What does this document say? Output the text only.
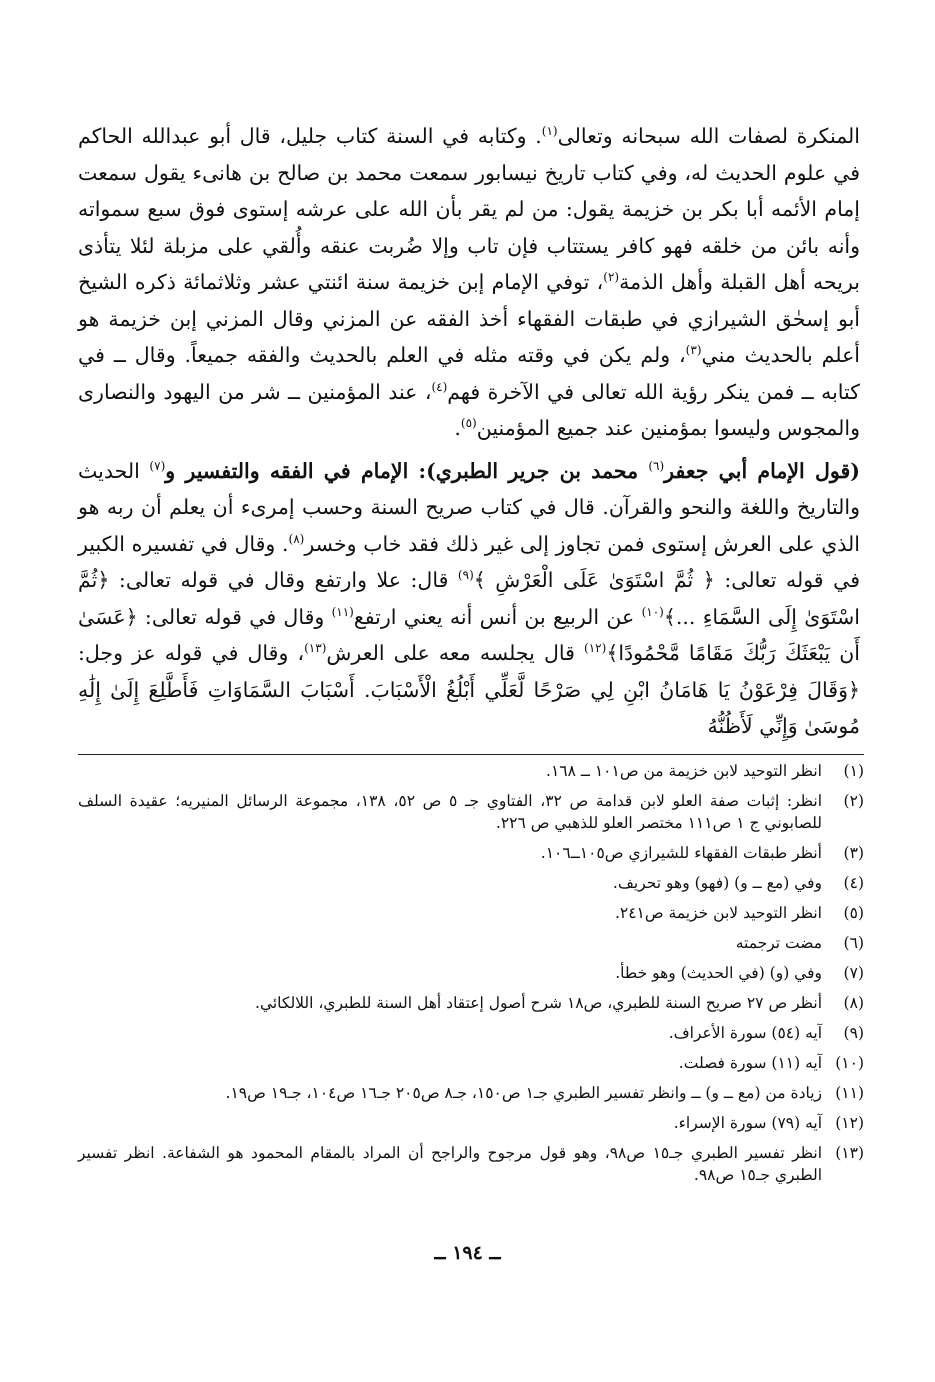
المنكرة لصفات الله سبحانه وتعالى$^{(١)}$. وكتابه في السنة كتاب جليل، قال أبو عبدالله الحاكم في علوم الحديث له، وفي كتاب تاريخ نيسابور سمعت محمد بن صالح بن هانىء يقول سمعت إمام الأئمه أبا بكر بن خزيمة يقول: من لم يقر بأن الله على عرشه إستوى فوق سبع سمواته وأنه بائن من خلقه فهو كافر يستتاب فإن تاب وإلا ضُربت عنقه وأُلقي على مزبلة لئلا يتأذى بريحه أهل القبلة وأهل الذمة$^{(٢)}$، توفي الإمام إبن خزيمة سنة ائنتي عشر وثلاثمائة ذكره الشيخ أبو إسحٰق الشيرازي في طبقات الفقهاء أخذ الفقه عن المزني وقال المزني إبن خزيمة هو أعلم بالحديث مني$^{(٣)}$، ولم يكن في وقته مثله في العلم بالحديث والفقه جميعاً. وقال ــ في كتابه ــ فمن ينكر رؤية الله تعالى في الآخرة فهم$^{(٤)}$، عند المؤمنين ــ شر من اليهود والنصارى والمجوس وليسوا بمؤمنين عند جميع المؤمنين$^{(٥)}$.

(قول الإمام أبي جعفر$^{(٦)}$ محمد بن جرير الطبري): الإمام في الفقه والتفسير و$^{(٧)}$ الحديث والتاريخ واللغة والنحو والقرآن. قال في كتاب صريح السنة وحسب إمرىء أن يعلم أن ربه هو الذي على العرش إستوى فمن تجاوز إلى غير ذلك فقد خاب وخسر$^{(٨)}$. وقال في تفسيره الكبير في قوله تعالى: ﴿ ثُمَّ اسْتَوَىٰ عَلَى الْعَرْشِ ﴾$^{(٩)}$ قال: علا وارتفع وقال في قوله تعالى: ﴿ثُمَّ اسْتَوَىٰ إِلَى السَّمَاءِ ...﴾$^{(١٠)}$ عن الربيع بن أنس أنه يعني ارتفع$^{(١١)}$ وقال في قوله تعالى: ﴿عَسَىٰ أَن يَبْعَثَكَ رَبُّكَ مَقَامًا مَّحْمُودًا﴾$^{(١٢)}$ قال يجلسه معه على العرش$^{(١٣)}$، وقال في قوله عز وجل: ﴿وَقَالَ فِرْعَوْنُ يَا هَامَانُ ابْنِ لِي صَرْحًا لَّعَلِّي أَبْلُغُ الْأَسْبَابَ. أَسْبَابَ السَّمَاوَاتِ فَأَطَّلِعَ إِلَىٰ إِلَٰهِ مُوسَىٰ وَإِنِّي لَأَظُنُّهُ

(١)
انظر التوحيد لابن خزيمة من ص١٠١ ــ ١٦٨.
(٢)
انظر: إثبات صفة العلو لابن قدامة ص ٣٢، الفتاوي جـ ٥ ص ٥٢، ١٣٨، مجموعة الرسائل المنيريه؛ عقيدة السلف للصابوني ج ١ ص١١١ مختصر العلو للذهبي ص ٢٢٦.
(٣)
أنظر طبقات الفقهاء للشيرازي ص١٠٥ــ١٠٦.
(٤)
وفي (مع ــ و) (فهو) وهو تحريف.
(٥)
انظر التوحيد لابن خزيمة ص٢٤١.
(٦)
مضت ترجمته
(٧)
وفي (و) (في الحديث) وهو خطأ.
(٨)
أنظر ص ٢٧ صريح السنة للطبري، ص١٨ شرح أصول إعتقاد أهل السنة للطبري، اللالكائي.
(٩)
آيه (٥٤) سورة الأعراف.
(١٠)
آيه (١١) سورة فصلت.
(١١)
زيادة من (مع ــ و) ــ وانظر تفسير الطبري جـ١ ص١٥٠، جـ٨ ص٢٠٥ جـ١٦ ص١٠٤، جـ١٩ ص١٩.
(١٢)
آيه (٧٩) سورة الإسراء.
(١٣)
انظر تفسير الطبري جـ١٥ ص٩٨، وهو قول مرجوح والراجح أن المراد بالمقام المحمود هو الشفاعة. انظر تفسير الطبري جـ١٥ ص٩٨.
ــ ١٩٤ ــ
